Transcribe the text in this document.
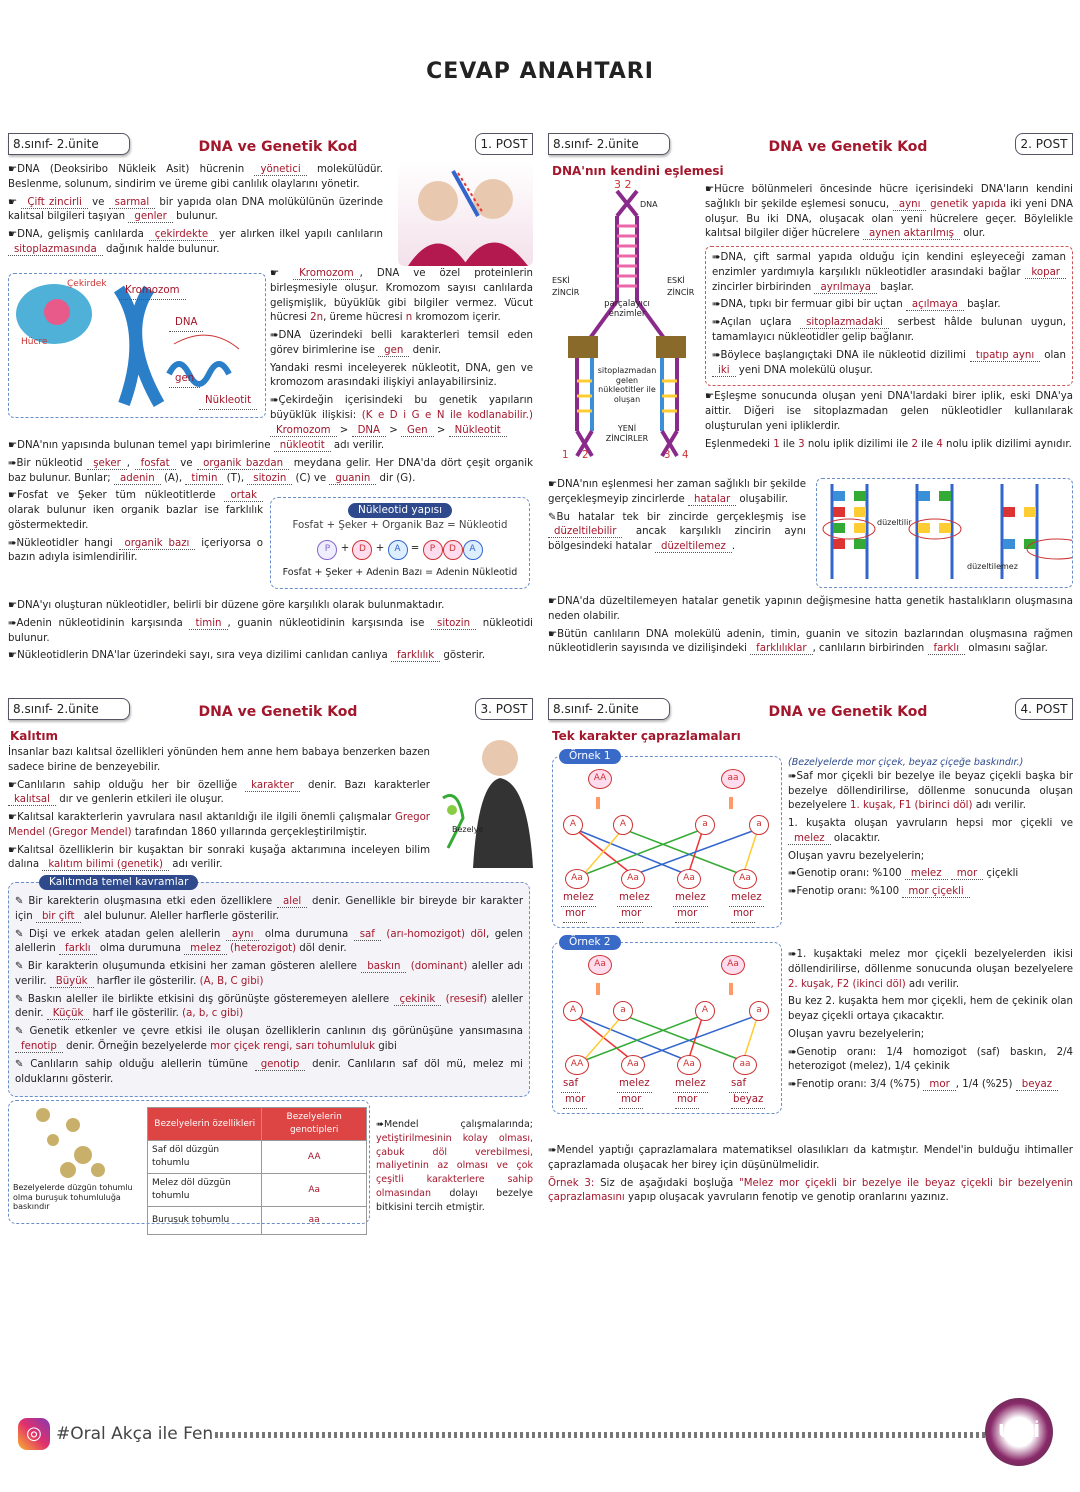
CEVAP ANAHTARI
8.sınıf- 2.ünite	DNA ve Genetik Kod	1. POST
☛DNA (Deoksiribo Nükleik Asit) hücrenin yönetici molekülüdür. Beslenme, solunum, sindirim ve üreme gibi canlılık olaylarını yönetir.
☛ Çift zincirli ve sarmal bir yapıda olan DNA molükülünün üzerinde kalıtsal bilgileri taşıyan genler bulunur.
☛DNA, gelişmiş canlılarda çekirdekte yer alırken ilkel yapılı canlıların sitoplazmasında dağınık halde bulunur.
Çekirdek
Kromozom
DNA
Hücre
gen
Nükleotit
☛ Kromozom , DNA ve özel proteinlerin birleşmesiyle oluşur. Kromozom sayısı canlılarda gelişmişlik, büyüklük gibi bilgiler vermez. Vücut hücresi 2n, üreme hücresi n kromozom içerir.
➠DNA üzerindeki belli karakterleri temsil eden görev birimlerine ise gen denir.
Yandaki resmi inceleyerek nükleotit, DNA, gen ve kromozom arasındaki ilişkiyi anlayabilirsiniz.
➠Çekirdeğin içerisindeki bu genetik yapıların büyüklük ilişkisi: (K e D i G e N ile kodlanabilir.) Kromozom > DNA > Gen > Nükleotit
☛DNA'nın yapısında bulunan temel yapı birimlerine nükleotit adı verilir.
➠Bir nükleotid şeker , fosfat ve organik bazdan meydana gelir. Her DNA'da dört çeşit organik baz bulunur. Bunlar; adenin (A), timin (T), sitozin (C) ve guanin dir (G).
☛Fosfat ve Şeker tüm nükleotitlerde ortak olarak bulunur iken organik bazlar ise farklılık göstermektedir.
➠Nükleotidler hangi organik bazı içeriyorsa o bazın adıyla isimlendirilir.
Nükleotid yapısı
Fosfat + Şeker + Organik Baz = Nükleotid
P + D + A = P D A
Fosfat + Şeker + Adenin Bazı = Adenin Nükleotid
☛DNA'yı oluşturan nükleotidler, belirli bir düzene göre karşılıklı olarak bulunmaktadır.
➠Adenin nükleotidinin karşısında timin , guanin nükleotidinin karşısında ise sitozin nükleotidi bulunur.
☛Nükleotidlerin DNA'lar üzerindeki sayı, sıra veya dizilimi canlıdan canlıya farklılık gösterir.
8.sınıf- 2.ünite	DNA ve Genetik Kod	2. POST
DNA'nın kendini eşlemesi
3 2
DNA
ESKİ ZİNCİR
ESKİ ZİNCİR
parçalayıcı enzimler
sitoplazmadan gelen nükleotitler ile oluşan
YENİ ZİNCİRLER
1 2	3 4
☛Hücre bölünmeleri öncesinde hücre içerisindeki DNA'ların kendini sağlıklı bir şekilde eşlemesi sonucu, aynı genetik yapıda iki yeni DNA oluşur. Bu iki DNA, oluşacak olan yeni hücrelere geçer. Böylelikle kalıtsal bilgiler diğer hücrelere aynen aktarılmış olur.
➠DNA, çift sarmal yapıda olduğu için kendini eşleyeceği zaman enzimler yardımıyla karşılıklı nükleotidler arasındaki bağlar kopar zincirler birbirinden ayrılmaya başlar.
➠DNA, tıpkı bir fermuar gibi bir uçtan açılmaya başlar.
➠Açılan uçlara sitoplazmadaki serbest hâlde bulunan uygun, tamamlayıcı nükleotidler gelip bağlanır.
➠Böylece başlangıçtaki DNA ile nükleotid dizilimi tıpatıp aynı olan iki yeni DNA molekülü oluşur.
☛Eşleşme sonucunda oluşan yeni DNA'lardaki birer iplik, eski DNA'ya aittir. Diğeri ise sitoplazmadan gelen nükleotidler kullanılarak oluşturulan yeni ipliklerdir.
Eşlenmedeki 1 ile 3 nolu iplik dizilimi ile 2 ile 4 nolu iplik dizilimi aynıdır.
☛DNA'nın eşlenmesi her zaman sağlıklı bir şekilde gerçekleşmeyip zincirlerde hatalar oluşabilir.
✎Bu hatalar tek bir zincirde gerçekleşmiş ise düzeltilebilir ancak karşılıklı zincirin aynı bölgesindeki hatalar düzeltilemez .
düzeltilir
düzeltilemez
☛DNA'da düzeltilemeyen hatalar genetik yapının değişmesine hatta genetik hastalıkların oluşmasına neden olabilir.
☛Bütün canlıların DNA molekülü adenin, timin, guanin ve sitozin bazlarından oluşmasına rağmen nükleotidlerin sayısında ve dizilişindeki farklılıklar , canlıların birbirinden farklı olmasını sağlar.
8.sınıf- 2.ünite	DNA ve Genetik Kod	3. POST
Kalıtım
İnsanlar bazı kalıtsal özellikleri yönünden hem anne hem babaya benzerken bazen sadece birine de benzeyebilir.
☛Canlıların sahip olduğu her bir özelliğe karakter denir. Bazı karakterler kalıtsal dır ve genlerin etkileri ile oluşur.
☛Kalıtsal karakterlerin yavrulara nasıl aktarıldığı ile ilgili önemli çalışmalar Gregor Mendel (Gregor Mendel) tarafından 1860 yıllarında gerçekleştirilmiştir.
☛Kalıtsal özelliklerin bir kuşaktan bir sonraki kuşağa aktarımına inceleyen bilim dalına kalıtım bilimi (genetik) adı verilir.
Bezelye
Kalıtımda temel kavramlar
✎ Bir karekterin oluşmasına etki eden özelliklere alel denir. Genellikle bir bireyde bir karakter için bir çift alel bulunur. Aleller harflerle gösterilir.
✎ Dişi ve erkek atadan gelen alellerin aynı olma durumuna saf (arı-homozigot) döl, gelen alellerin farklı olma durumuna melez (heterozigot) döl denir.
✎ Bir karakterin oluşumunda etkisini her zaman gösteren alellere baskın (dominant) aleller adı verilir. Büyük harfler ile gösterilir. (A, B, C gibi)
✎ Baskın aleller ile birlikte etkisini dış görünüşte gösteremeyen alellere çekinik (resesif) aleller denir. Küçük harf ile gösterilir. (a, b, c gibi)
✎ Genetik etkenler ve çevre etkisi ile oluşan özelliklerin canlının dış görünüşüne yansımasına fenotip denir. Örneğin bezelyelerde mor çiçek rengi, sarı tohumluluk gibi
✎ Canlıların sahip olduğu alellerin tümüne genotip denir. Canlıların saf döl mü, melez mi olduklarını gösterir.
Bezelyelerde düzgün tohumlu olma buruşuk tohumluluğa baskındır
Bezelyelerin özellikleri	Bezelyelerin genotipleri
Saf döl düzgün tohumlu	AA
Melez döl düzgün tohumlu	Aa
Buruşuk tohumlu	aa
➠Mendel çalışmalarında; yetiştirilmesinin kolay olması, çabuk döl verebilmesi, maliyetinin az olması ve çok çeşitli karakterlere sahip olmasından dolayı bezelye bitkisini tercih etmiştir.
8.sınıf- 2.ünite	DNA ve Genetik Kod	4. POST
Tek karakter çaprazlamaları
Örnek 1
AA	aa
A	A	a	a
Aa
melez
mor
Aa
melez
mor
Aa
melez
mor
Aa
melez
mor
Örnek 2
Aa	Aa
A	a	A	a
AA
saf
mor
Aa
melez
mor
Aa
melez
mor
aa
saf
beyaz
(Bezelyelerde mor çiçek, beyaz çiçeğe baskındır.)
➠Saf mor çiçekli bir bezelye ile beyaz çiçekli başka bir bezelye döllendirilirse, döllenme sonucunda oluşan bezelyelere 1. kuşak, F1 (birinci döl) adı verilir.
1. kuşakta oluşan yavruların hepsi mor çiçekli ve melez olacaktır.
Oluşan yavru bezelyelerin;
➠Genotip oranı: %100 melez mor çiçekli
➠Fenotip oranı: %100 mor çiçekli
➠1. kuşaktaki melez mor çiçekli bezelyelerden ikisi döllendirilirse, döllenme sonucunda oluşan bezelyelere 2. kuşak, F2 (ikinci döl) adı verilir.
Bu kez 2. kuşakta hem mor çiçekli, hem de çekinik olan beyaz çiçekli ortaya çıkacaktır.
Oluşan yavru bezelyelerin;
➠Genotip oranı: 1/4 homozigot (saf) baskın, 2/4 heterozigot (melez), 1/4 çekinik
➠Fenotip oranı: 3/4 (%75) mor , 1/4 (%25) beyaz
➠Mendel yaptığı çaprazlamalara matematiksel olasılıkları da katmıştır. Mendel'in bulduğu ihtimaller çaprazlamada oluşacak her birey için düşünülmelidir.
Örnek 3: Siz de aşağıdaki boşluğa "Melez mor çiçekli bir bezelye ile beyaz çiçekli bir bezelyenin çaprazlamasını yapıp oluşacak yavruların fenotip ve genotip oranlarını yazınız.
◎ #Oral Akça ile Fen	ULTİ
